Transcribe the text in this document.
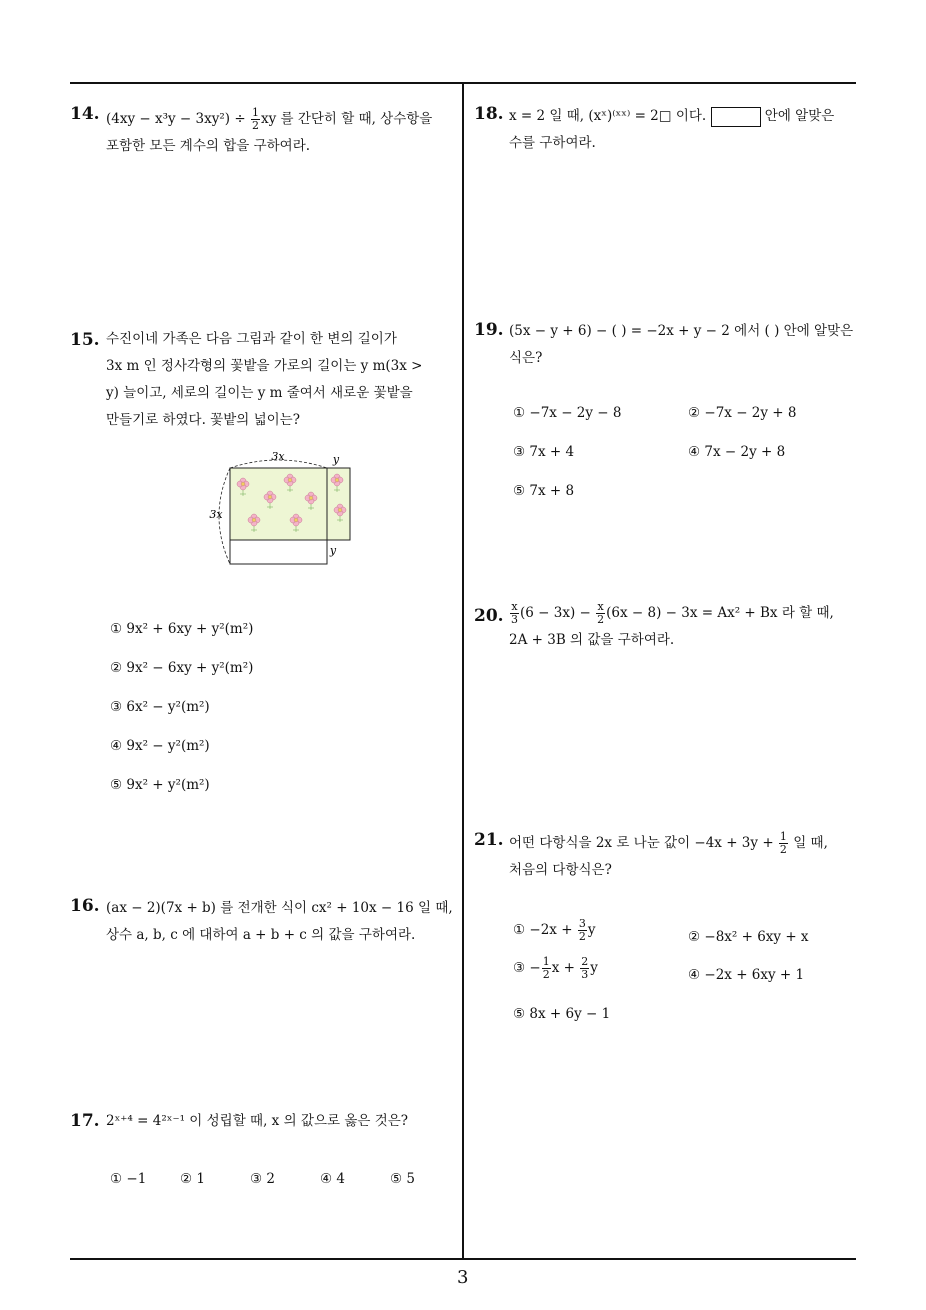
14. $(4xy - x^3y - 3xy^2) \div \frac{1}{2}$ xy 를 간단히 할 때, 상수항을
포함한 모든 계수의 합을 구하여라.
15. 수진이네 가족은 다음 그림과 같이 한 변의 길이가
3x m 인 정사각형의 꽃밭을 가로의 길이는 y m(3x >
y) 늘이고, 세로의 길이는 y m 줄여서 새로운 꽃밭을
만들기로 하였다. 꽃밭의 넓이는?
3x	y
3x
y
① 9x² + 6xy + y²(m²)
② 9x² − 6xy + y²(m²)
③ 6x² − y²(m²)
④ 9x² − y²(m²)
⑤ 9x² + y²(m²)
16. (ax − 2)(7x + b) 를 전개한 식이 cx² + 10x − 16 일 때,
상수 a, b, c 에 대하여 a + b + c 의 값을 구하여라.
17. 2ˣ⁺⁴ = 4²ˣ⁻¹ 이 성립할 때, x 의 값으로 옳은 것은?
① −1 ② 1	③ 2	④ 4	⑤ 5
18. x = 2 일 때, (xˣ)⁽ˣˣ⁾ = 2□ 이다.	안에 알맞은
수를 구하여라.
19. (5x − y + 6) − ( ) = −2x + y − 2 에서 ( ) 안에 알맞은
식은?
① −7x − 2y − 8	② −7x − 2y + 8
③ 7x + 4	④ 7x − 2y + 8
⑤ 7x + 8
20. $\frac{x}{3} (6 - 3x) - \frac{x}{2} (6x - 8) - 3x = Ax^2 + Bx$ 라 할 때,
2A + 3B 의 값을 구하여라.
21. 어떤 다항식을 2x 로 나눈 값이 $-4x + 3y + \frac{1}{2}$ 일 때,
처음의 다항식은?
① $-2x + \frac{3}{2}$ y	② −8x² + 6xy + x
③ − $\frac{1}{2}$ $x + \frac{2}{3}$ y	④ −2x + 6xy + 1
⑤ 8x + 6y − 1
3
